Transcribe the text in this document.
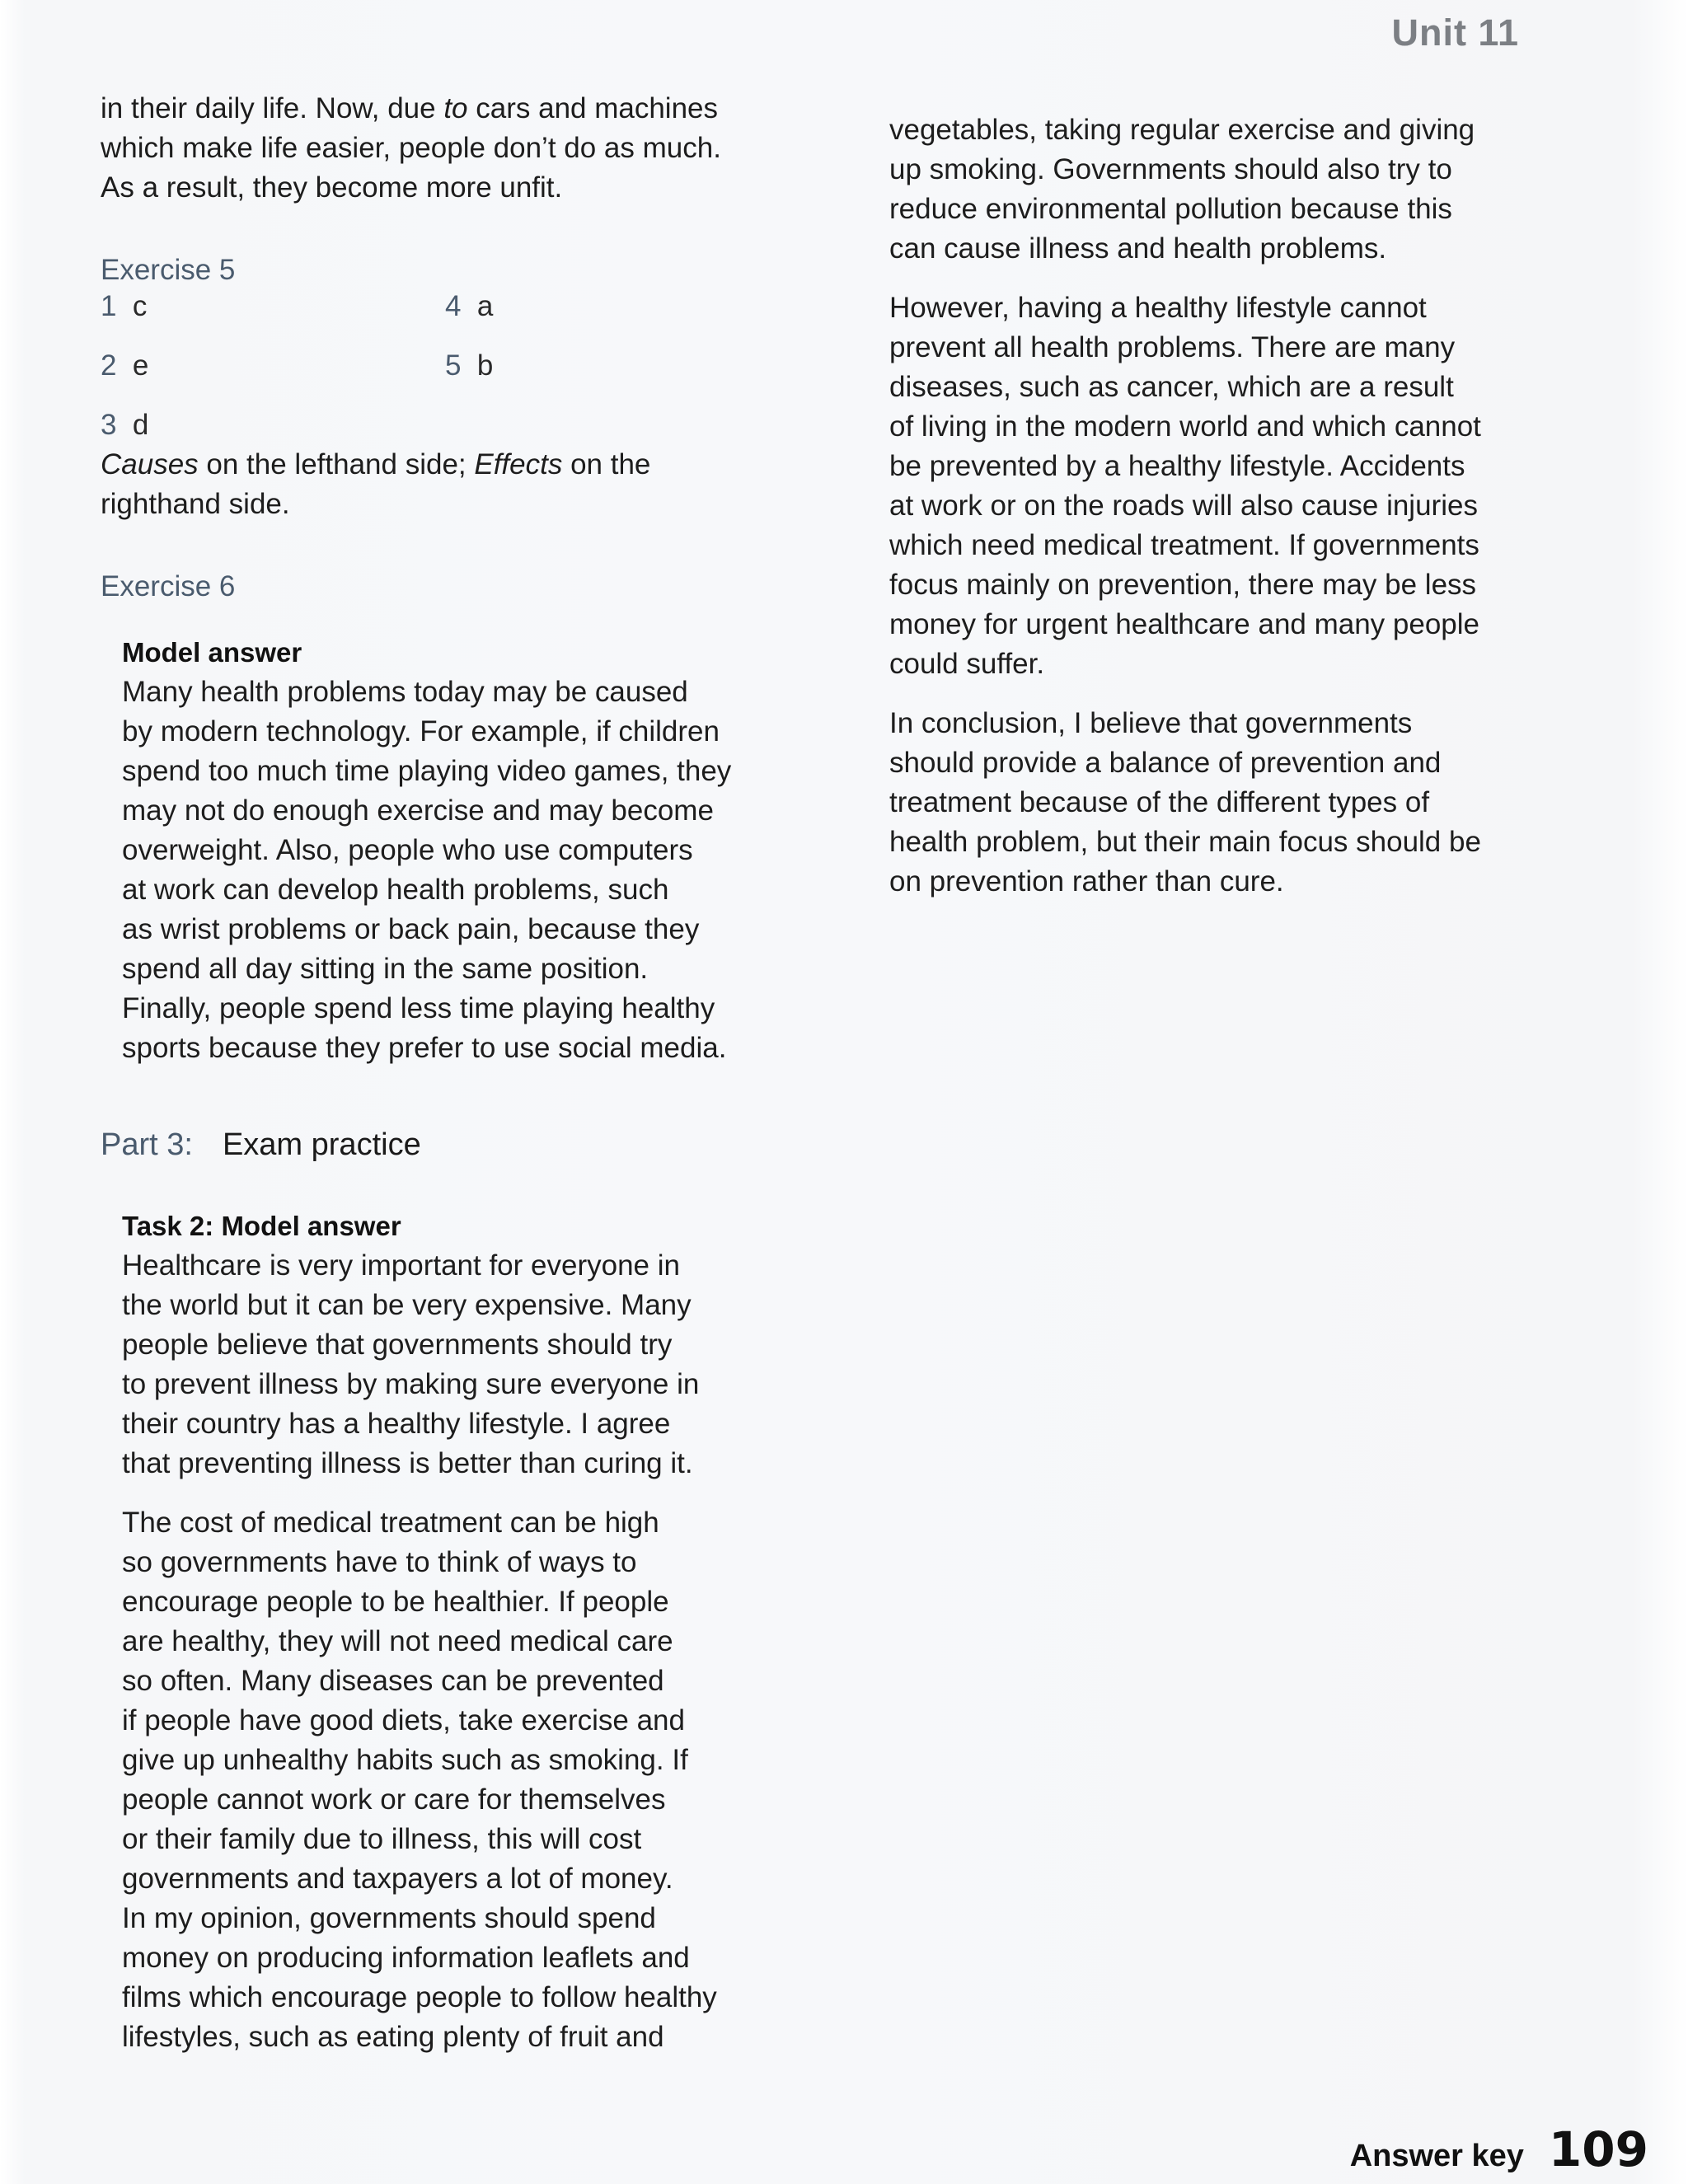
Unit 11
in their daily life. Now, due to cars and machines
which make life easier, people don’t do as much.
As a result, they become more unfit.
Exercise 5
1 c
2 e
3 d
4 a
5 b
Causes on the lefthand side; Effects on the
righthand side.
Exercise 6
Model answer
Many health problems today may be caused
by modern technology. For example, if children
spend too much time playing video games, they
may not do enough exercise and may become
overweight. Also, people who use computers
at work can develop health problems, such
as wrist problems or back pain, because they
spend all day sitting in the same position.
Finally, people spend less time playing healthy
sports because they prefer to use social media.
Part 3: Exam practice
Task 2: Model answer
Healthcare is very important for everyone in
the world but it can be very expensive. Many
people believe that governments should try
to prevent illness by making sure everyone in
their country has a healthy lifestyle. I agree
that preventing illness is better than curing it.
The cost of medical treatment can be high
so governments have to think of ways to
encourage people to be healthier. If people
are healthy, they will not need medical care
so often. Many diseases can be prevented
if people have good diets, take exercise and
give up unhealthy habits such as smoking. If
people cannot work or care for themselves
or their family due to illness, this will cost
governments and taxpayers a lot of money.
In my opinion, governments should spend
money on producing information leaflets and
films which encourage people to follow healthy
lifestyles, such as eating plenty of fruit and
vegetables, taking regular exercise and giving
up smoking. Governments should also try to
reduce environmental pollution because this
can cause illness and health problems.
However, having a healthy lifestyle cannot
prevent all health problems. There are many
diseases, such as cancer, which are a result
of living in the modern world and which cannot
be prevented by a healthy lifestyle. Accidents
at work or on the roads will also cause injuries
which need medical treatment. If governments
focus mainly on prevention, there may be less
money for urgent healthcare and many people
could suffer.
In conclusion, I believe that governments
should provide a balance of prevention and
treatment because of the different types of
health problem, but their main focus should be
on prevention rather than cure.
Answer key 109
